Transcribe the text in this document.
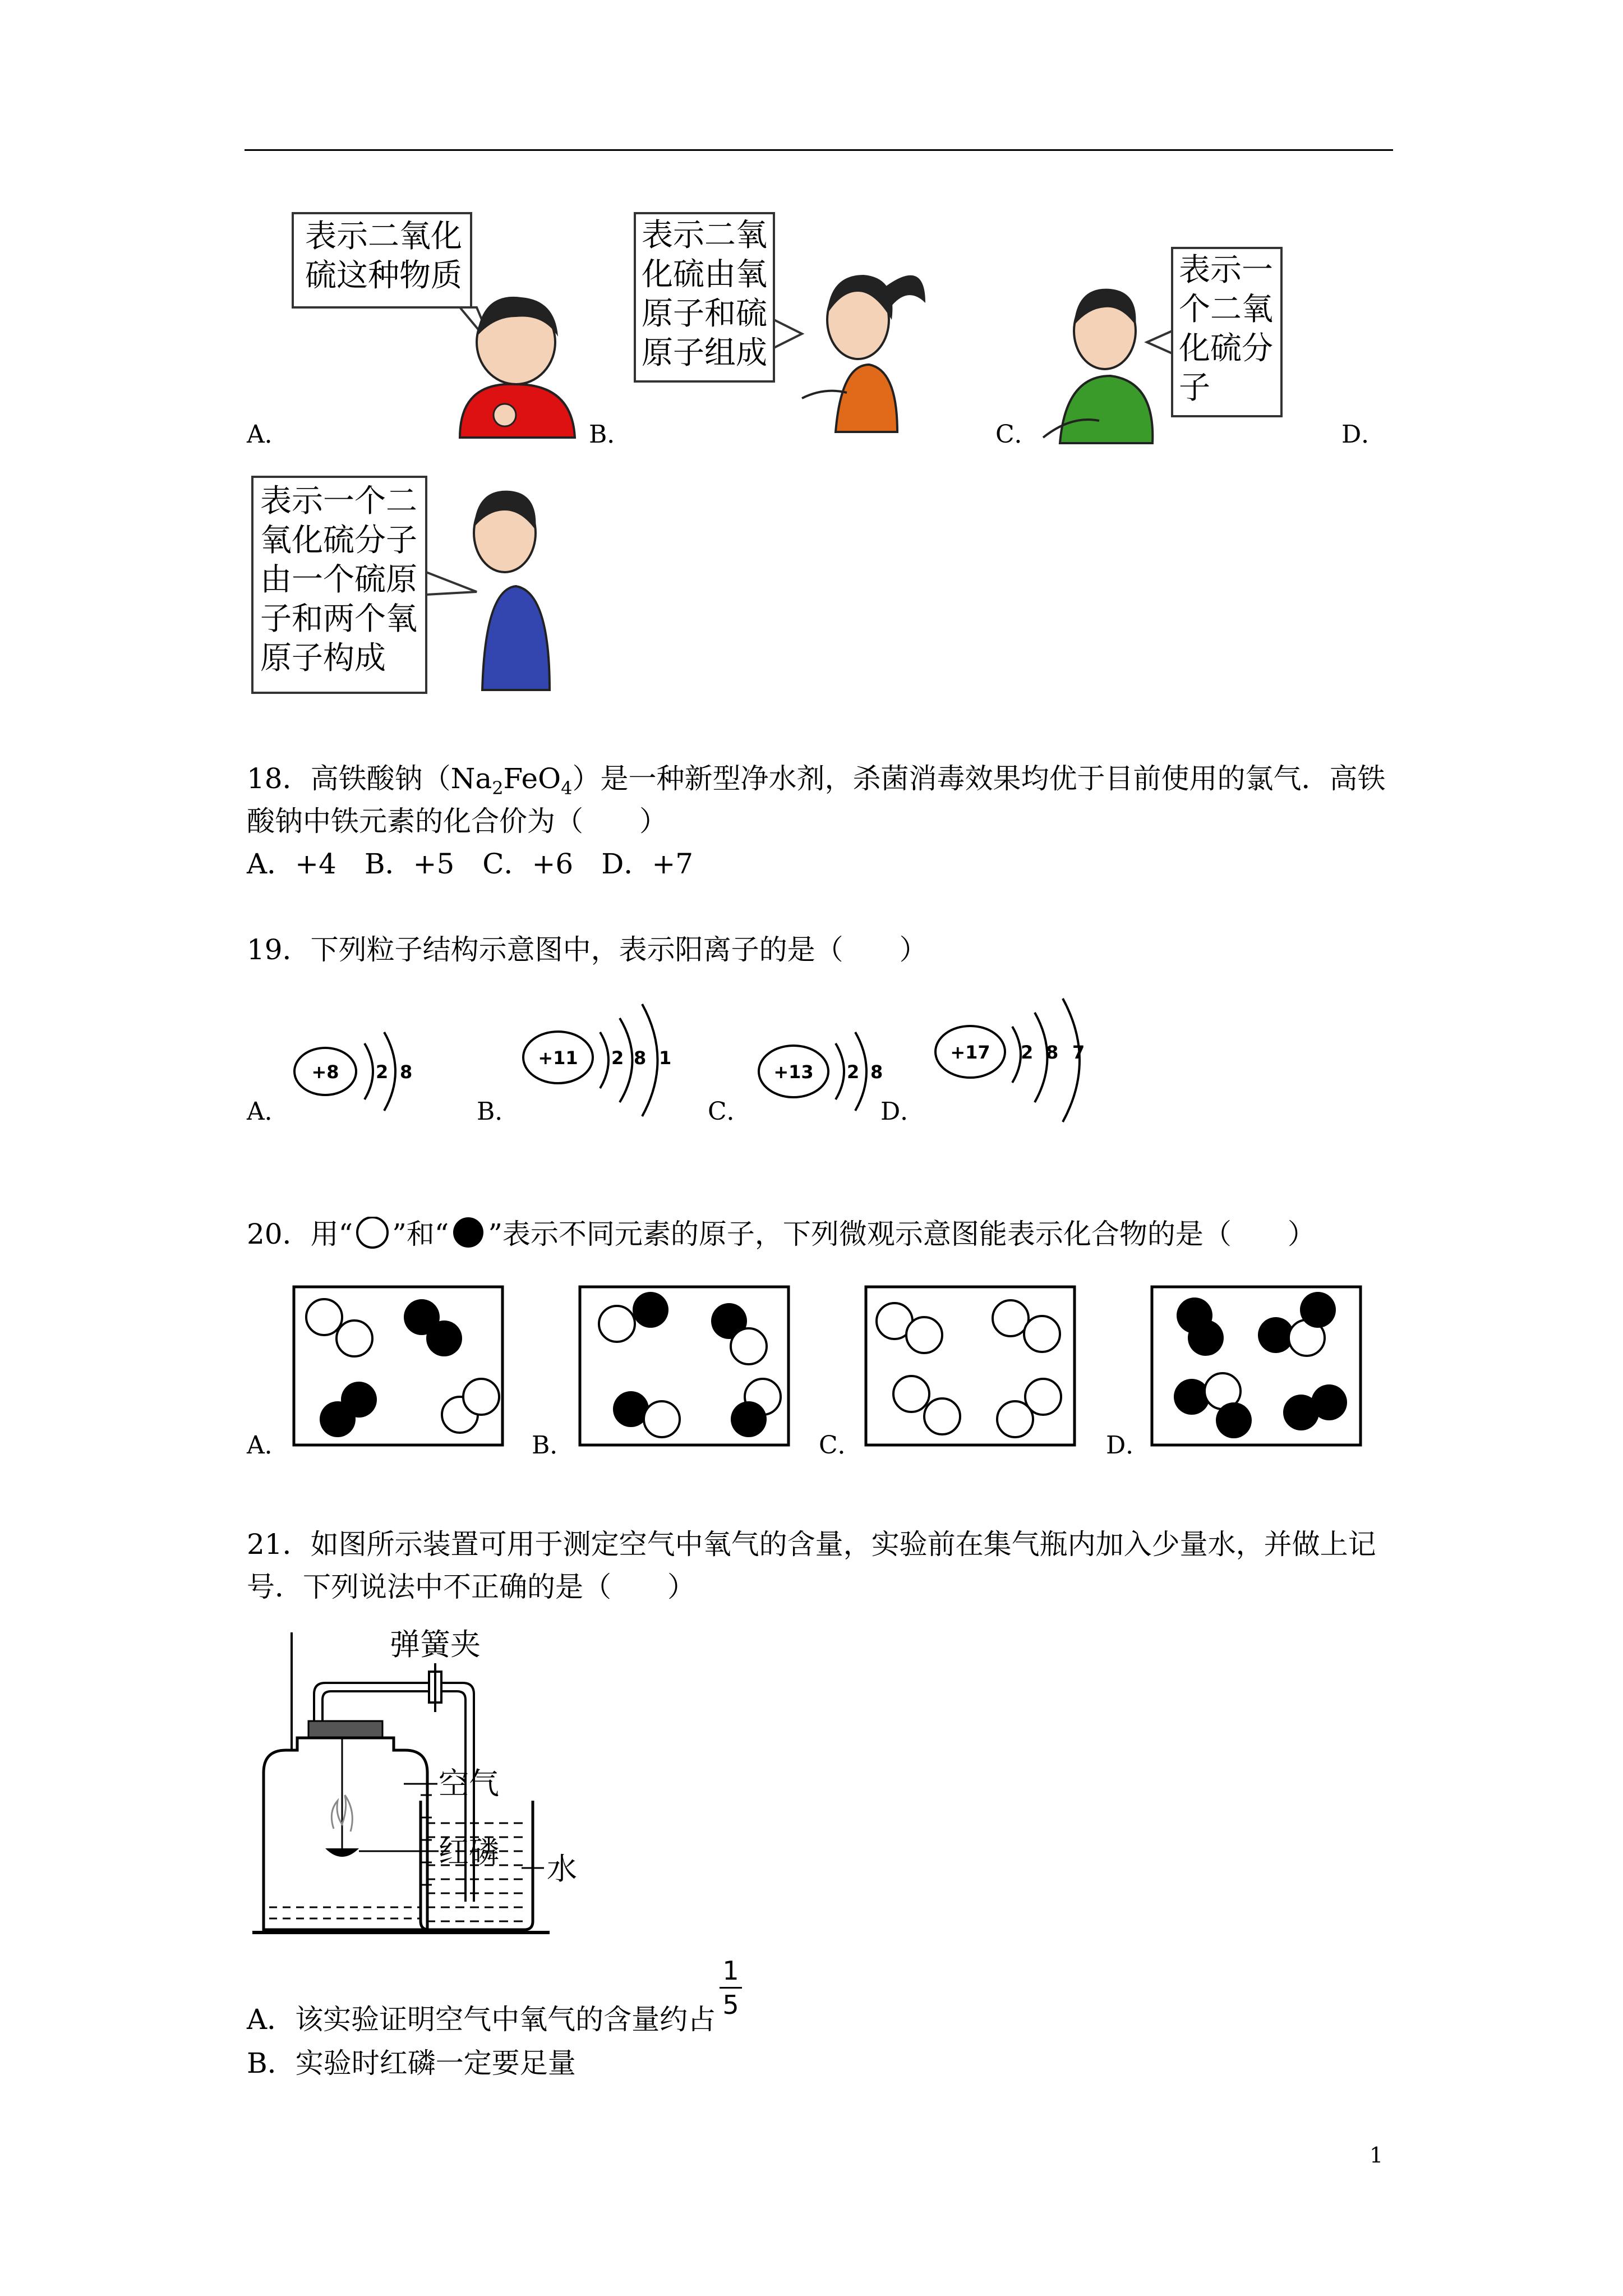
表示二氧化
硫这种物质
A．
表示二氧
化硫由氧
原子和硫
原子组成
B．
表示一
个二氧
化硫分
子
C．	D．
表示一个二
氧化硫分子
由一个硫原
子和两个氧
原子构成
18．高铁酸钠$(Na_2FeO_4)$是一种新型净水剂，杀菌消毒效果均优于目前使用的氯气．高铁
酸钠中铁元素的化合价为（　　）
A．+4　B．+5　C．+6　D．+7
19．下列粒子结构示意图中，表示阳离子的是（　　）
+8 2 8
+11 2 8 1
+13 2 8
+17 2 8 7
A．	B．	C．	D．
20．用“ ”和“ ”表示不同元素的原子，下列微观示意图能表示化合物的是（　　）
A．	B．	C．	D．
21．如图所示装置可用于测定空气中氧气的含量，实验前在集气瓶内加入少量水，并做上记
号．下列说法中不正确的是（　　）
弹簧夹
空气
红磷 水
A．该实验证明空气中氧气的含量约占
1
5
B．实验时红磷一定要足量
1
